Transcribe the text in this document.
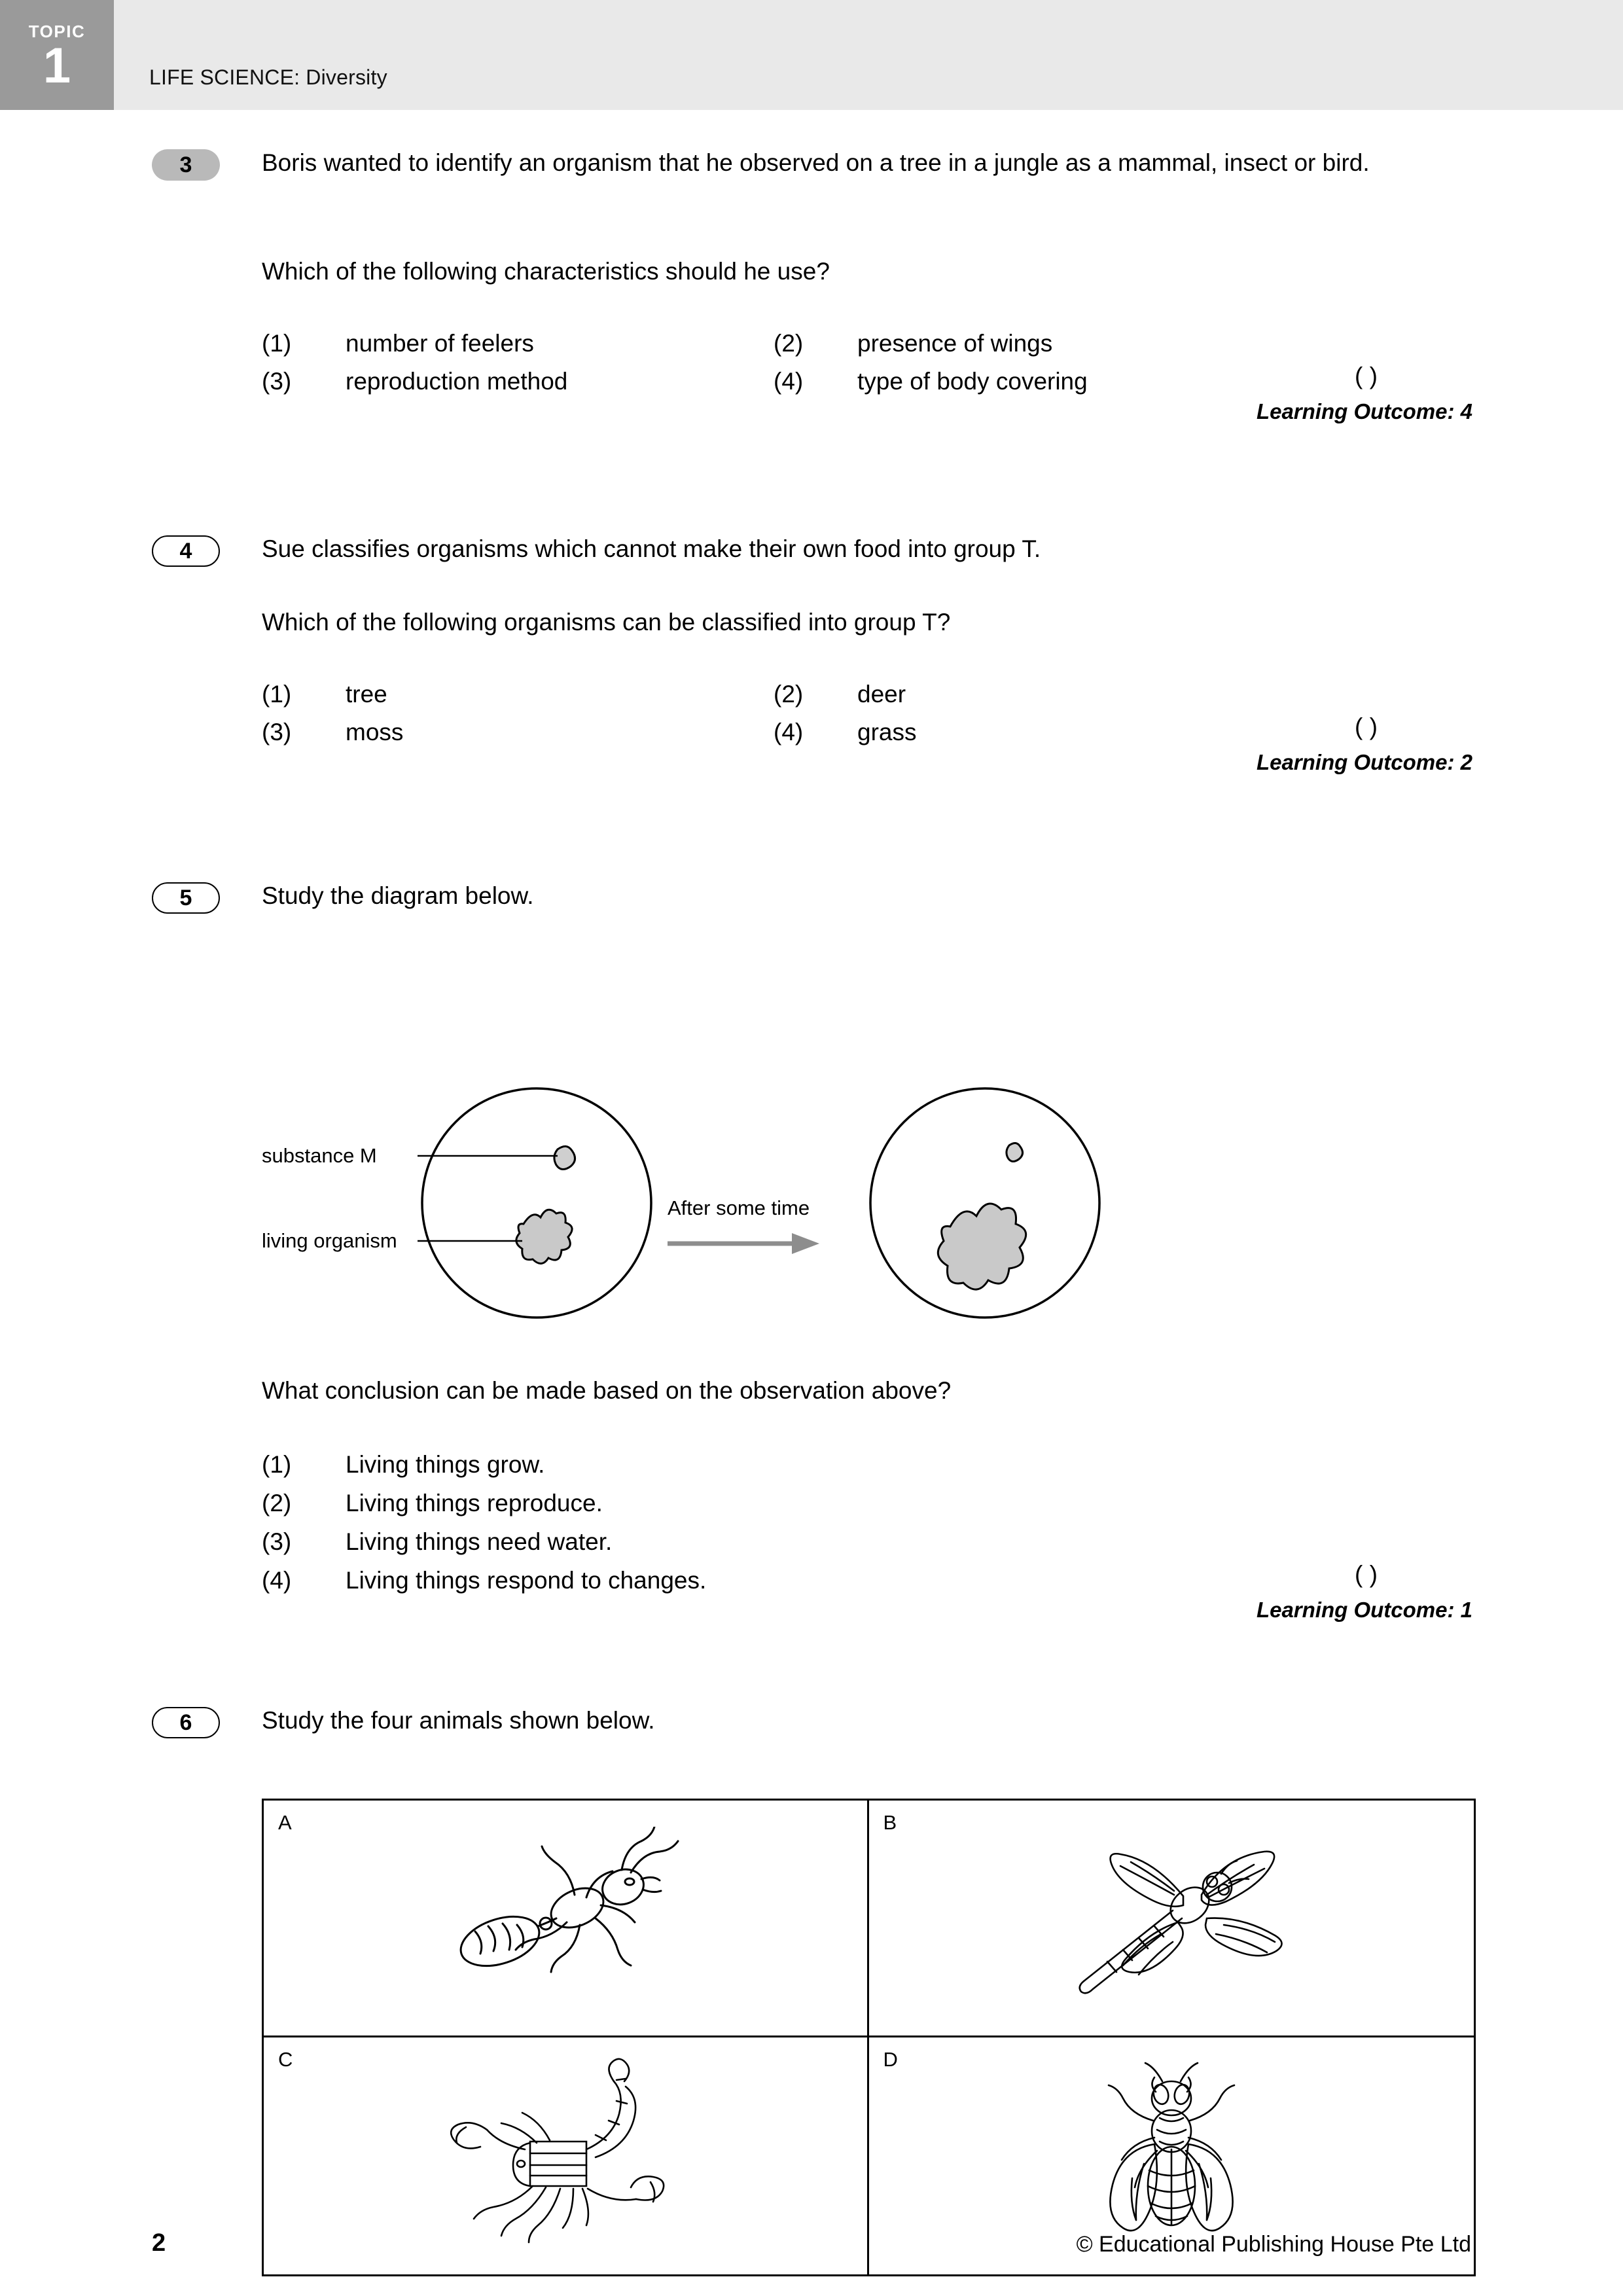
TOPIC
1	LIFE SCIENCE: Diversity
3	Boris wanted to identify an organism that he observed on a tree in a jungle as a mammal, insect or bird.
Which of the following characteristics should he use?
(1) number of feelers	(2) presence of wings
(3) reproduction method	(4) type of body covering	( )
Learning Outcome: 4
4	Sue classifies organisms which cannot make their own food into group T.
Which of the following organisms can be classified into group T?
(1) tree	(2) deer
(3) moss	(4) grass	( )
Learning Outcome: 2
5	Study the diagram below.
substance M
living organism
After some time
What conclusion can be made based on the observation above?
(1) Living things grow.
(2) Living things reproduce.
(3) Living things need water.
(4) Living things respond to changes.	( )
Learning Outcome: 1
6	Study the four animals shown below.
A	B
C	D
2	© Educational Publishing House Pte Ltd
